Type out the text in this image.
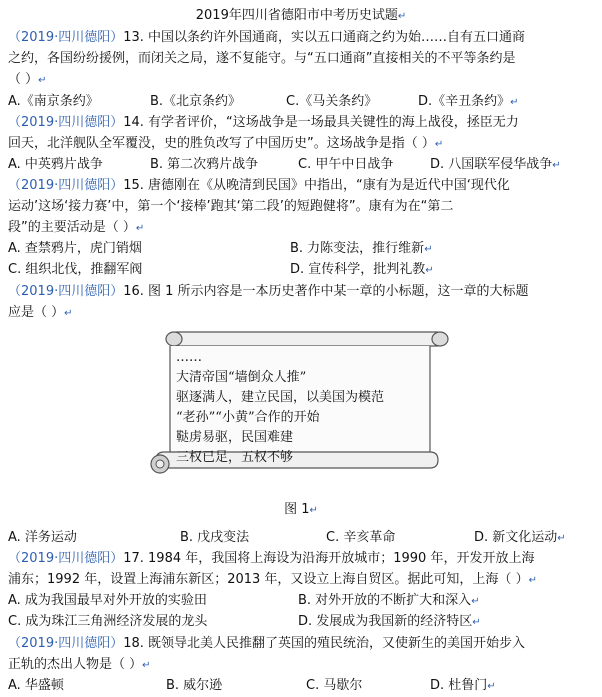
2019年四川省德阳市中考历史试题↵
（2019·四川德阳）13. 中国以条约许外国通商，实以五口通商之约为始……自有五口通商
之约，各国纷纷援例，而闭关之局，遂不复能守。与“五口通商”直接相关的不平等条约是
（ ）↵
A.《南京条约》	B.《北京条约》	C.《马关条约》	D.《辛丑条约》↵
（2019·四川德阳）14. 有学者评价，“这场战争是一场最具关键性的海上战役，拯臣无力
回天，北洋舰队全军覆没，史的胜负改写了中国历史”。这场战争是指（ ）↵
A. 中英鸦片战争	B. 第二次鸦片战争	C. 甲午中日战争	D. 八国联军侵华战争↵
（2019·四川德阳）15. 唐德刚在《从晚清到民国》中指出，“康有为是近代中国‘现代化
运动’这场‘接力赛’中，第一个‘接棒’跑其‘第二段’的短跑健将”。康有为在“第二
段”的主要活动是（ ）↵
A. 查禁鸦片，虎门销烟	B. 力陈变法，推行维新↵
C. 组织北伐，推翻军阀	D. 宣传科学，批判礼教↵
（2019·四川德阳）16. 图 1 所示内容是一本历史著作中某一章的小标题，这一章的大标题
应是（ ）↵
……
大清帝国“墙倒众人推”
驱逐满人，建立民国，以美国为模范
“老孙”“小黄”合作的开始
鞑虏易驱，民国难建
三权已足，五权不够
图 1↵
A. 洋务运动	B. 戊戌变法	C. 辛亥革命	D. 新文化运动↵
（2019·四川德阳）17. 1984 年，我国将上海设为沿海开放城市；1990 年，开发开放上海
浦东；1992 年，设置上海浦东新区；2013 年，又设立上海自贸区。据此可知，上海（ ）↵
A. 成为我国最早对外开放的实验田	B. 对外开放的不断扩大和深入↵
C. 成为珠江三角洲经济发展的龙头	D. 发展成为我国新的经济特区↵
（2019·四川德阳）18. 既领导北美人民推翻了英国的殖民统治，又使新生的美国开始步入
正轨的杰出人物是（ ）↵
A. 华盛顿	B. 威尔逊	C. 马歇尔	D. 杜鲁门↵
